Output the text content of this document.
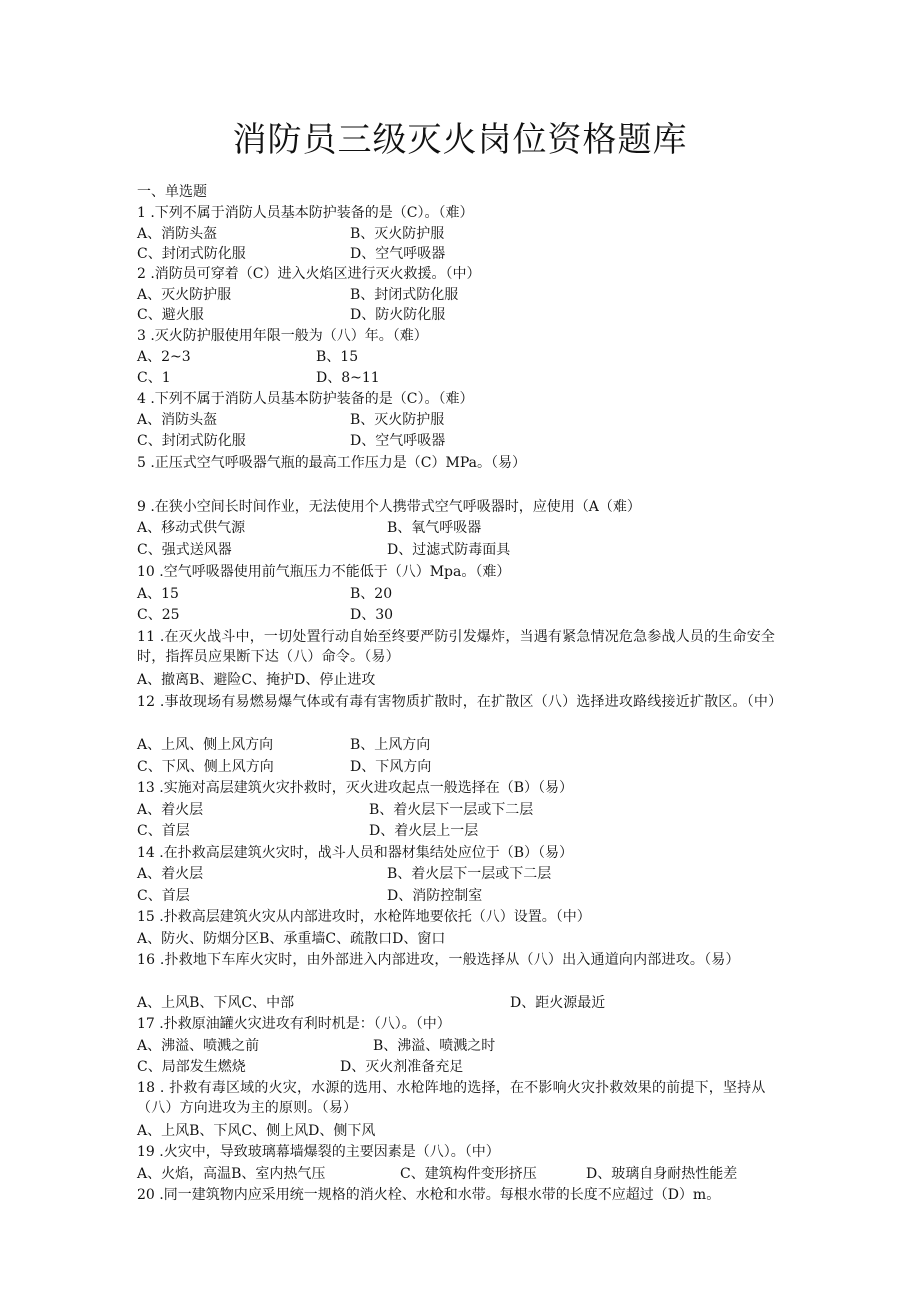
消防员三级灭火岗位资格题库
一、单选题
1 .下列不属于消防人员基本防护装备的是（C）。（难）
A、消防头盔	B、灭火防护服
C、封闭式防化服	D、空气呼吸器
2 .消防员可穿着（C）进入火焰区进行灭火救援。（中）
A、灭火防护服	B、封闭式防化服
C、避火服	D、防火防化服
3 .灭火防护服使用年限一般为（八）年。（难）
A、2~3	B、15
C、1	D、8~11
4 .下列不属于消防人员基本防护装备的是（C）。（难）
A、消防头盔	B、灭火防护服
C、封闭式防化服	D、空气呼吸器
5 .正压式空气呼吸器气瓶的最高工作压力是（C）MPa。（易）
9 .在狭小空间长时间作业，无法使用个人携带式空气呼吸器时，应使用（A（难）
A、移动式供气源	B、氧气呼吸器
C、强式送风器	D、过滤式防毒面具
10 .空气呼吸器使用前气瓶压力不能低于（八）Mpa。（难）
A、15	B、20
C、25	D、30
11 .在灭火战斗中，一切处置行动自始至终要严防引发爆炸，当遇有紧急情况危急参战人员的生命安全时，指挥员应果断下达（八）命令。（易）
A、撤离B、避险C、掩护D、停止进攻
12 .事故现场有易燃易爆气体或有毒有害物质扩散时，在扩散区（八）选择进攻路线接近扩散区。（中）
A、上风、侧上风方向	B、上风方向
C、下风、侧上风方向	D、下风方向
13 .实施对高层建筑火灾扑救时，灭火进攻起点一般选择在（B）（易）
A、着火层	B、着火层下一层或下二层
C、首层	D、着火层上一层
14 .在扑救高层建筑火灾时，战斗人员和器材集结处应位于（B）（易）
A、着火层	B、着火层下一层或下二层
C、首层	D、消防控制室
15 .扑救高层建筑火灾从内部进攻时，水枪阵地要依托（八）设置。（中）
A、防火、防烟分区B、承重墙C、疏散口D、窗口
16 .扑救地下车库火灾时，由外部进入内部进攻，一般选择从（八）出入通道向内部进攻。（易）
A、上风B、下风C、中部	D、距火源最近
17 .扑救原油罐火灾进攻有利时机是：（八）。（中）
A、沸溢、喷溅之前	B、沸溢、喷溅之时
C、局部发生燃烧	D、灭火剂准备充足
18 . 扑救有毒区域的火灾，水源的选用、水枪阵地的选择，在不影响火灾扑救效果的前提下，坚持从（八）方向进攻为主的原则。（易）
A、上风B、下风C、侧上风D、侧下风
19 .火灾中，导致玻璃幕墙爆裂的主要因素是（八）。（中）
A、火焰，高温B、室内热气压	C、建筑构件变形挤压	D、玻璃自身耐热性能差
20 .同一建筑物内应采用统一规格的消火栓、水枪和水带。每根水带的长度不应超过（D）m。
